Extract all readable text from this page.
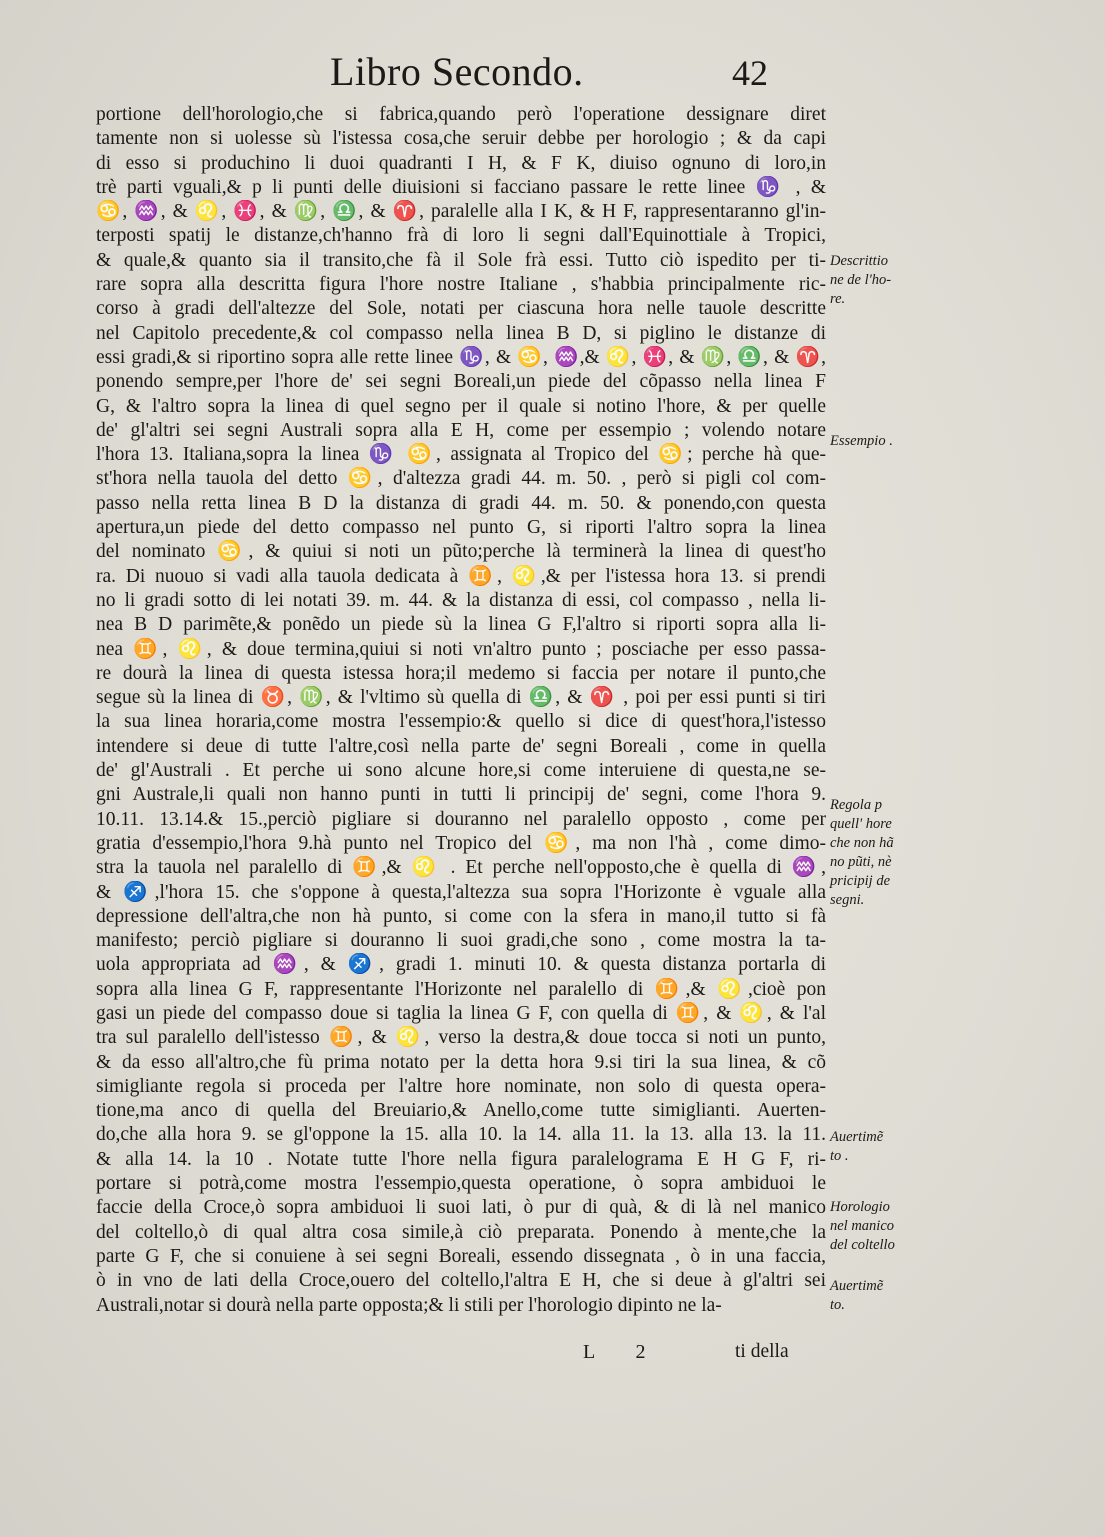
Libro Secondo.	42
portione dell'horologio,che si fabrica,quando però l'operatione dessignare diret
tamente non si uolesse sù l'istessa cosa,che seruir debbe per horologio ; & da capi
di esso si produchino li duoi quadranti I H, & F K, diuiso ognuno di loro,in
trè parti vguali,& p li punti delle diuisioni si facciano passare le rette linee ♑ , &
♋, ♒, & ♌, ♓, & ♍, ♎, & ♈, paralelle alla I K, & H F, rappresentaranno gl'in-
terposti spatij le distanze,ch'hanno frà di loro li segni dall'Equinottiale à Tropici,
& quale,& quanto sia il transito,che fà il Sole frà essi. Tutto ciò ispedito per ti-
rare sopra alla descritta figura l'hore nostre Italiane , s'habbia principalmente ric-
corso à gradi dell'altezze del Sole, notati per ciascuna hora nelle tauole descritte
nel Capitolo precedente,& col compasso nella linea B D, si piglino le distanze di
essi gradi,& si riportino sopra alle rette linee ♑, & ♋, ♒,& ♌, ♓, & ♍, ♎, & ♈,
ponendo sempre,per l'hore de' sei segni Boreali,un piede del cõpasso nella linea F
G, & l'altro sopra la linea di quel segno per il quale si notino l'hore, & per quelle
de' gl'altri sei segni Australi sopra alla E H, come per essempio ; volendo notare
l'hora 13. Italiana,sopra la linea ♑ ♋, assignata al Tropico del ♋; perche hà que-
st'hora nella tauola del detto ♋, d'altezza gradi 44. m. 50. , però si pigli col com-
passo nella retta linea B D la distanza di gradi 44. m. 50. & ponendo,con questa
apertura,un piede del detto compasso nel punto G, si riporti l'altro sopra la linea
del nominato ♋, & quiui si noti un pũto;perche là terminerà la linea di quest'ho
ra. Di nuouo si vadi alla tauola dedicata à ♊, ♌,& per l'istessa hora 13. si prendi
no li gradi sotto di lei notati 39. m. 44. & la distanza di essi, col compasso , nella li-
nea B D parimẽte,& ponẽdo un piede sù la linea G F,l'altro si riporti sopra alla li-
nea ♊, ♌, & doue termina,quiui si noti vn'altro punto ; posciache per esso passa-
re dourà la linea di questa istessa hora;il medemo si faccia per notare il punto,che
segue sù la linea di ♉, ♍, & l'vltimo sù quella di ♎, & ♈ , poi per essi punti si tiri
la sua linea horaria,come mostra l'essempio:& quello si dice di quest'hora,l'istesso
intendere si deue di tutte l'altre,così nella parte de' segni Boreali , come in quella
de' gl'Australi . Et perche ui sono alcune hore,si come interuiene di questa,ne se-
gni Australe,li quali non hanno punti in tutti li principij de' segni, come l'hora 9.
10.11. 13.14.& 15.,perciò pigliare si douranno nel paralello opposto , come per
gratia d'essempio,l'hora 9.hà punto nel Tropico del ♋, ma non l'hà , come dimo-
stra la tauola nel paralello di ♊,& ♌ . Et perche nell'opposto,che è quella di ♒,
& ♐,l'hora 15. che s'oppone à questa,l'altezza sua sopra l'Horizonte è vguale alla
depressione dell'altra,che non hà punto, si come con la sfera in mano,il tutto si fà
manifesto; perciò pigliare si douranno li suoi gradi,che sono , come mostra la ta-
uola appropriata ad ♒, & ♐, gradi 1. minuti 10. & questa distanza portarla di
sopra alla linea G F, rappresentante l'Horizonte nel paralello di ♊,& ♌,cioè pon
gasi un piede del compasso doue si taglia la linea G F, con quella di ♊, & ♌, & l'al
tra sul paralello dell'istesso ♊, & ♌, verso la destra,& doue tocca si noti un punto,
& da esso all'altro,che fù prima notato per la detta hora 9.si tiri la sua linea, & cõ
simigliante regola si proceda per l'altre hore nominate, non solo di questa opera-
tione,ma anco di quella del Breuiario,& Anello,come tutte simiglianti. Auerten-
do,che alla hora 9. se gl'oppone la 15. alla 10. la 14. alla 11. la 13. alla 13. la 11.
& alla 14. la 10 . Notate tutte l'hore nella figura paralelograma E H G F, ri-
portare si potrà,come mostra l'essempio,questa operatione, ò sopra ambiduoi le
faccie della Croce,ò sopra ambiduoi li suoi lati, ò pur di quà, & di là nel manico
del coltello,ò di qual altra cosa simile,à ciò preparata. Ponendo à mente,che la
parte G F, che si conuiene à sei segni Boreali, essendo dissegnata , ò in una faccia,
ò in vno de lati della Croce,ouero del coltello,l'altra E H, che si deue à gl'altri sei
Australi,notar si dourà nella parte opposta;& li stili per l'horologio dipinto ne la-
Descrittio
ne de l'ho-
re.
Essempio .
Regola p
quell' hore
che non hã
no pũti, nè
pricipij de
segni.
Auertimẽ
to .
Horologio
nel manico
del coltello
Auertimẽ
to.
L 2	ti della
